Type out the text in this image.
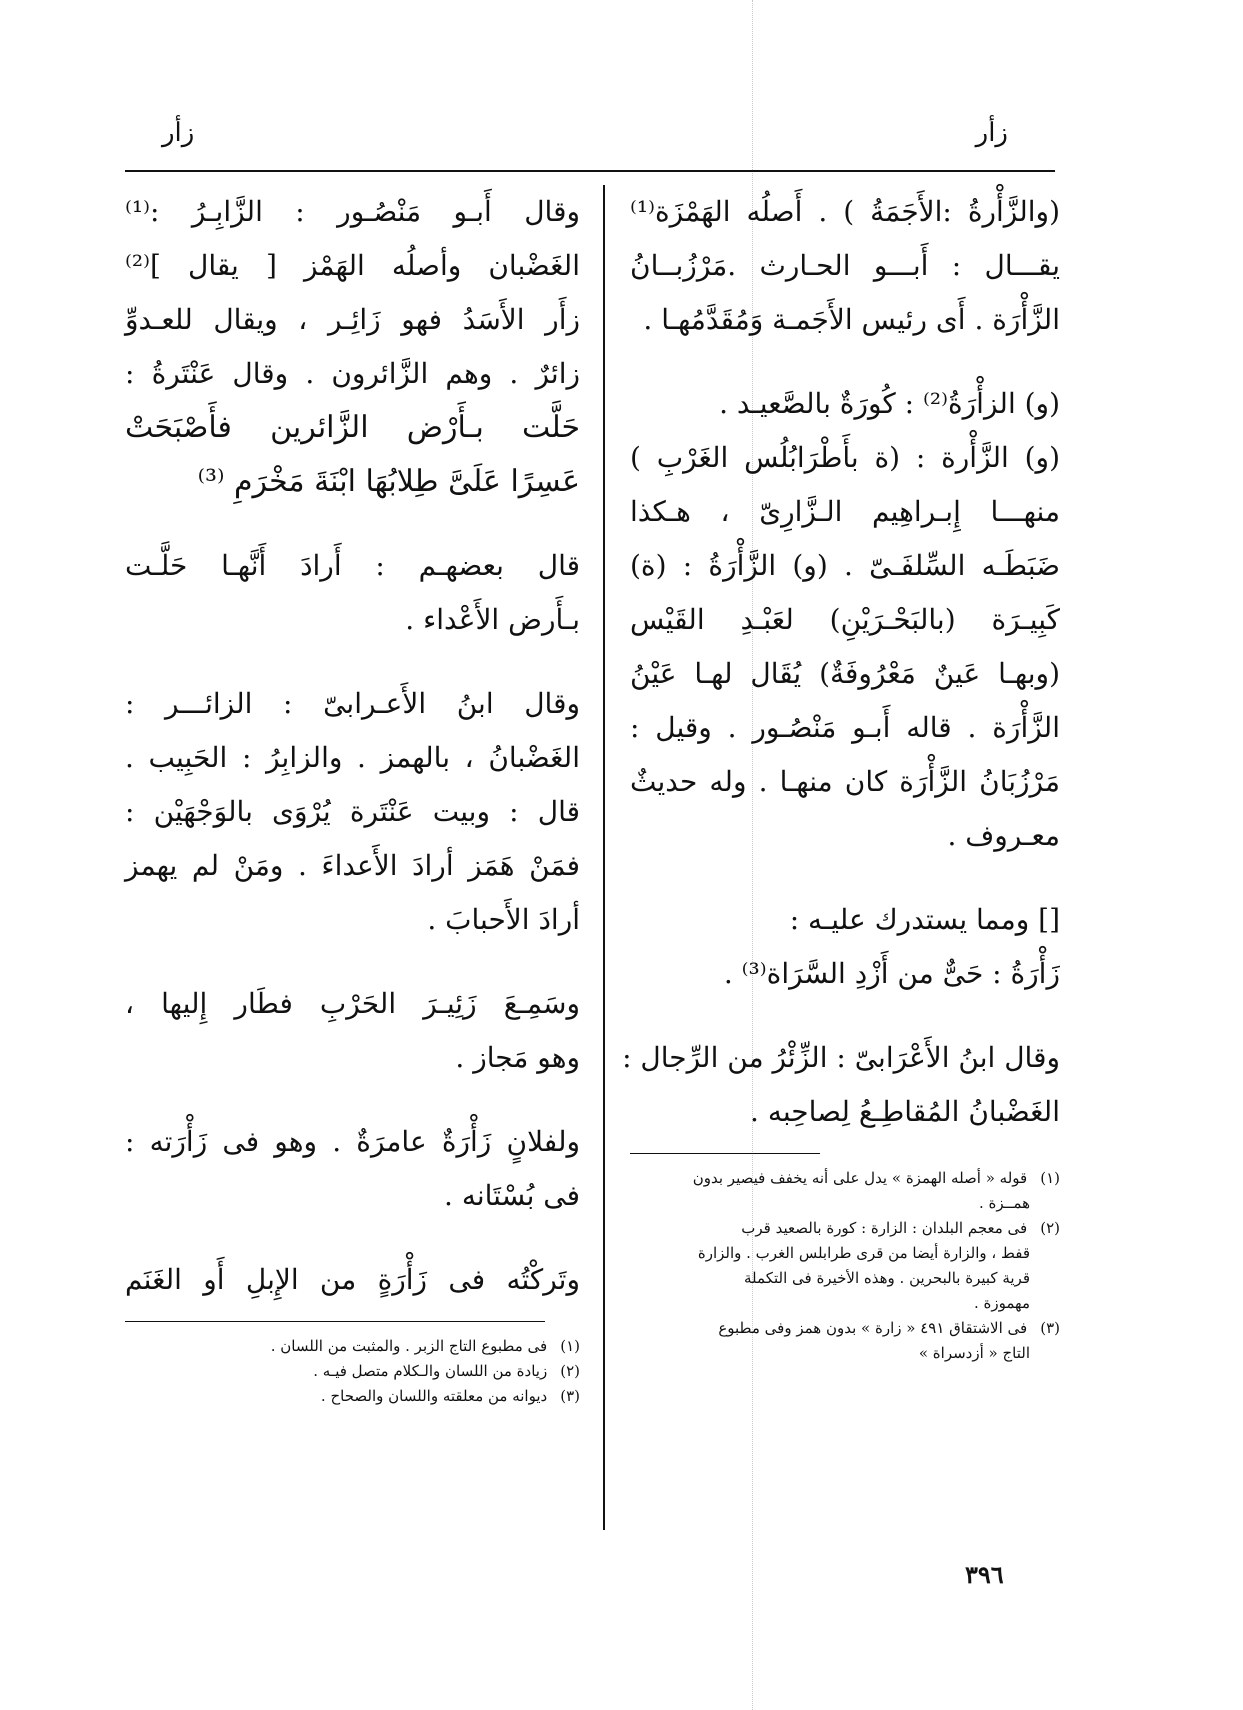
زأر
زأر
(والزَّأْرةُ :الأَجَمَةُ ) . أَصلُه الهَمْزَة⁽¹⁾
يقـــال : أَبـــو الحـارث .مَرْزُبــانُ
الزَّأْرَة . أَى رئيس الأَجَمـة وَمُقَدَّمُهـا .
(و) الزأْرَةُ⁽²⁾ : كُورَةٌ بالصَّعيـد .
(و) الزَّأْرة : (ة بأَطْرَابُلُس الغَرْبِ )
منهـــا إِبـراهِيم الـزَّارِىّ ، هـكذا
ضَبَطَـه السِّلفَـىّ . (و) الزَّأْرَةُ : (ة)
كَبِيـرَة (بالبَحْـرَيْنِ) لعَبْـدِ القَيْس
(وبهـا عَينٌ مَعْرُوفَةٌ) يُقَال لهـا عَيْنُ
الزَّأْرَة . قاله أَبـو مَنْصُـور . وقيل :
مَرْزُبَانُ الزَّأْرَة كان منهـا . وله حديثٌ
معـروف .
[] ومما يستدرك عليـه :
زَأْرَةُ : حَىٌّ من أَزْدِ السَّرَاة⁽³⁾ .
وقال ابنُ الأَعْرَابىّ : الزِّئْرُ من الرِّجال :
الغَضْبانُ المُقاطِـعُ لِصاحِبه .
(١) قوله « أصله الهمزة » يدل على أنه يخفف فيصير بدون
همــزة .
(٢) فى معجم البلدان : الزارة : كورة بالصعيد قرب
قفط ، والزارة أيضا من قرى طرابلس الغرب . والزارة
قرية كبيرة بالبحرين . وهذه الأخيرة فى التكملة
مهموزة .
(٣) فى الاشتقاق ٤٩١ « زارة » بدون همز وفى مطبوع
التاج « أزدسراة »
وقال أَبـو مَنْصُـور : الزَّابِـرُ :⁽¹⁾
الغَضْبان وأصلُه الهَمْز [ يقال ]⁽²⁾
زأَر الأَسَدُ فهو زَائِـر ، ويقال للعـدوِّ
زائرٌ . وهم الزَّائرون . وقال عَنْتَرةُ :
حَلَّت بـأَرْض الزَّائرين فأَصْبَحَتْ
عَسِرًا عَلَىَّ طِلابُهَا ابْنَةَ مَخْرَمِ ⁽³⁾
قال بعضهـم : أَرادَ أَنَّهـا حَلَّـت
بـأَرض الأَعْداء .
وقال ابنُ الأَعـرابىّ : الزائـــر :
الغَضْبانُ ، بالهمز . والزابِرُ : الحَبِيب .
قال : وبيت عَنْتَرة يُرْوَى بالوَجْهَيْن :
فمَنْ هَمَز أرادَ الأَعداءَ . ومَنْ لم يهمز
أرادَ الأَحبابَ .
وسَمِـعَ زَئِيـرَ الحَرْبِ فطَار إِليها ،
وهو مَجاز .
ولفلانٍ زَأْرَةٌ عامرَةٌ . وهو فى زَأْرَته :
فى بُسْتَانه .
وتَركْتُه فى زَأْرَةٍ من الإِبلِ أَو الغَنَم
(١) فى مطبوع التاج الزبر . والمثبت من اللسان .
(٢) زيادة من اللسان والـكلام متصل فيـه .
(٣) ديوانه من معلقته واللسان والصحاح .
٣٩٦
